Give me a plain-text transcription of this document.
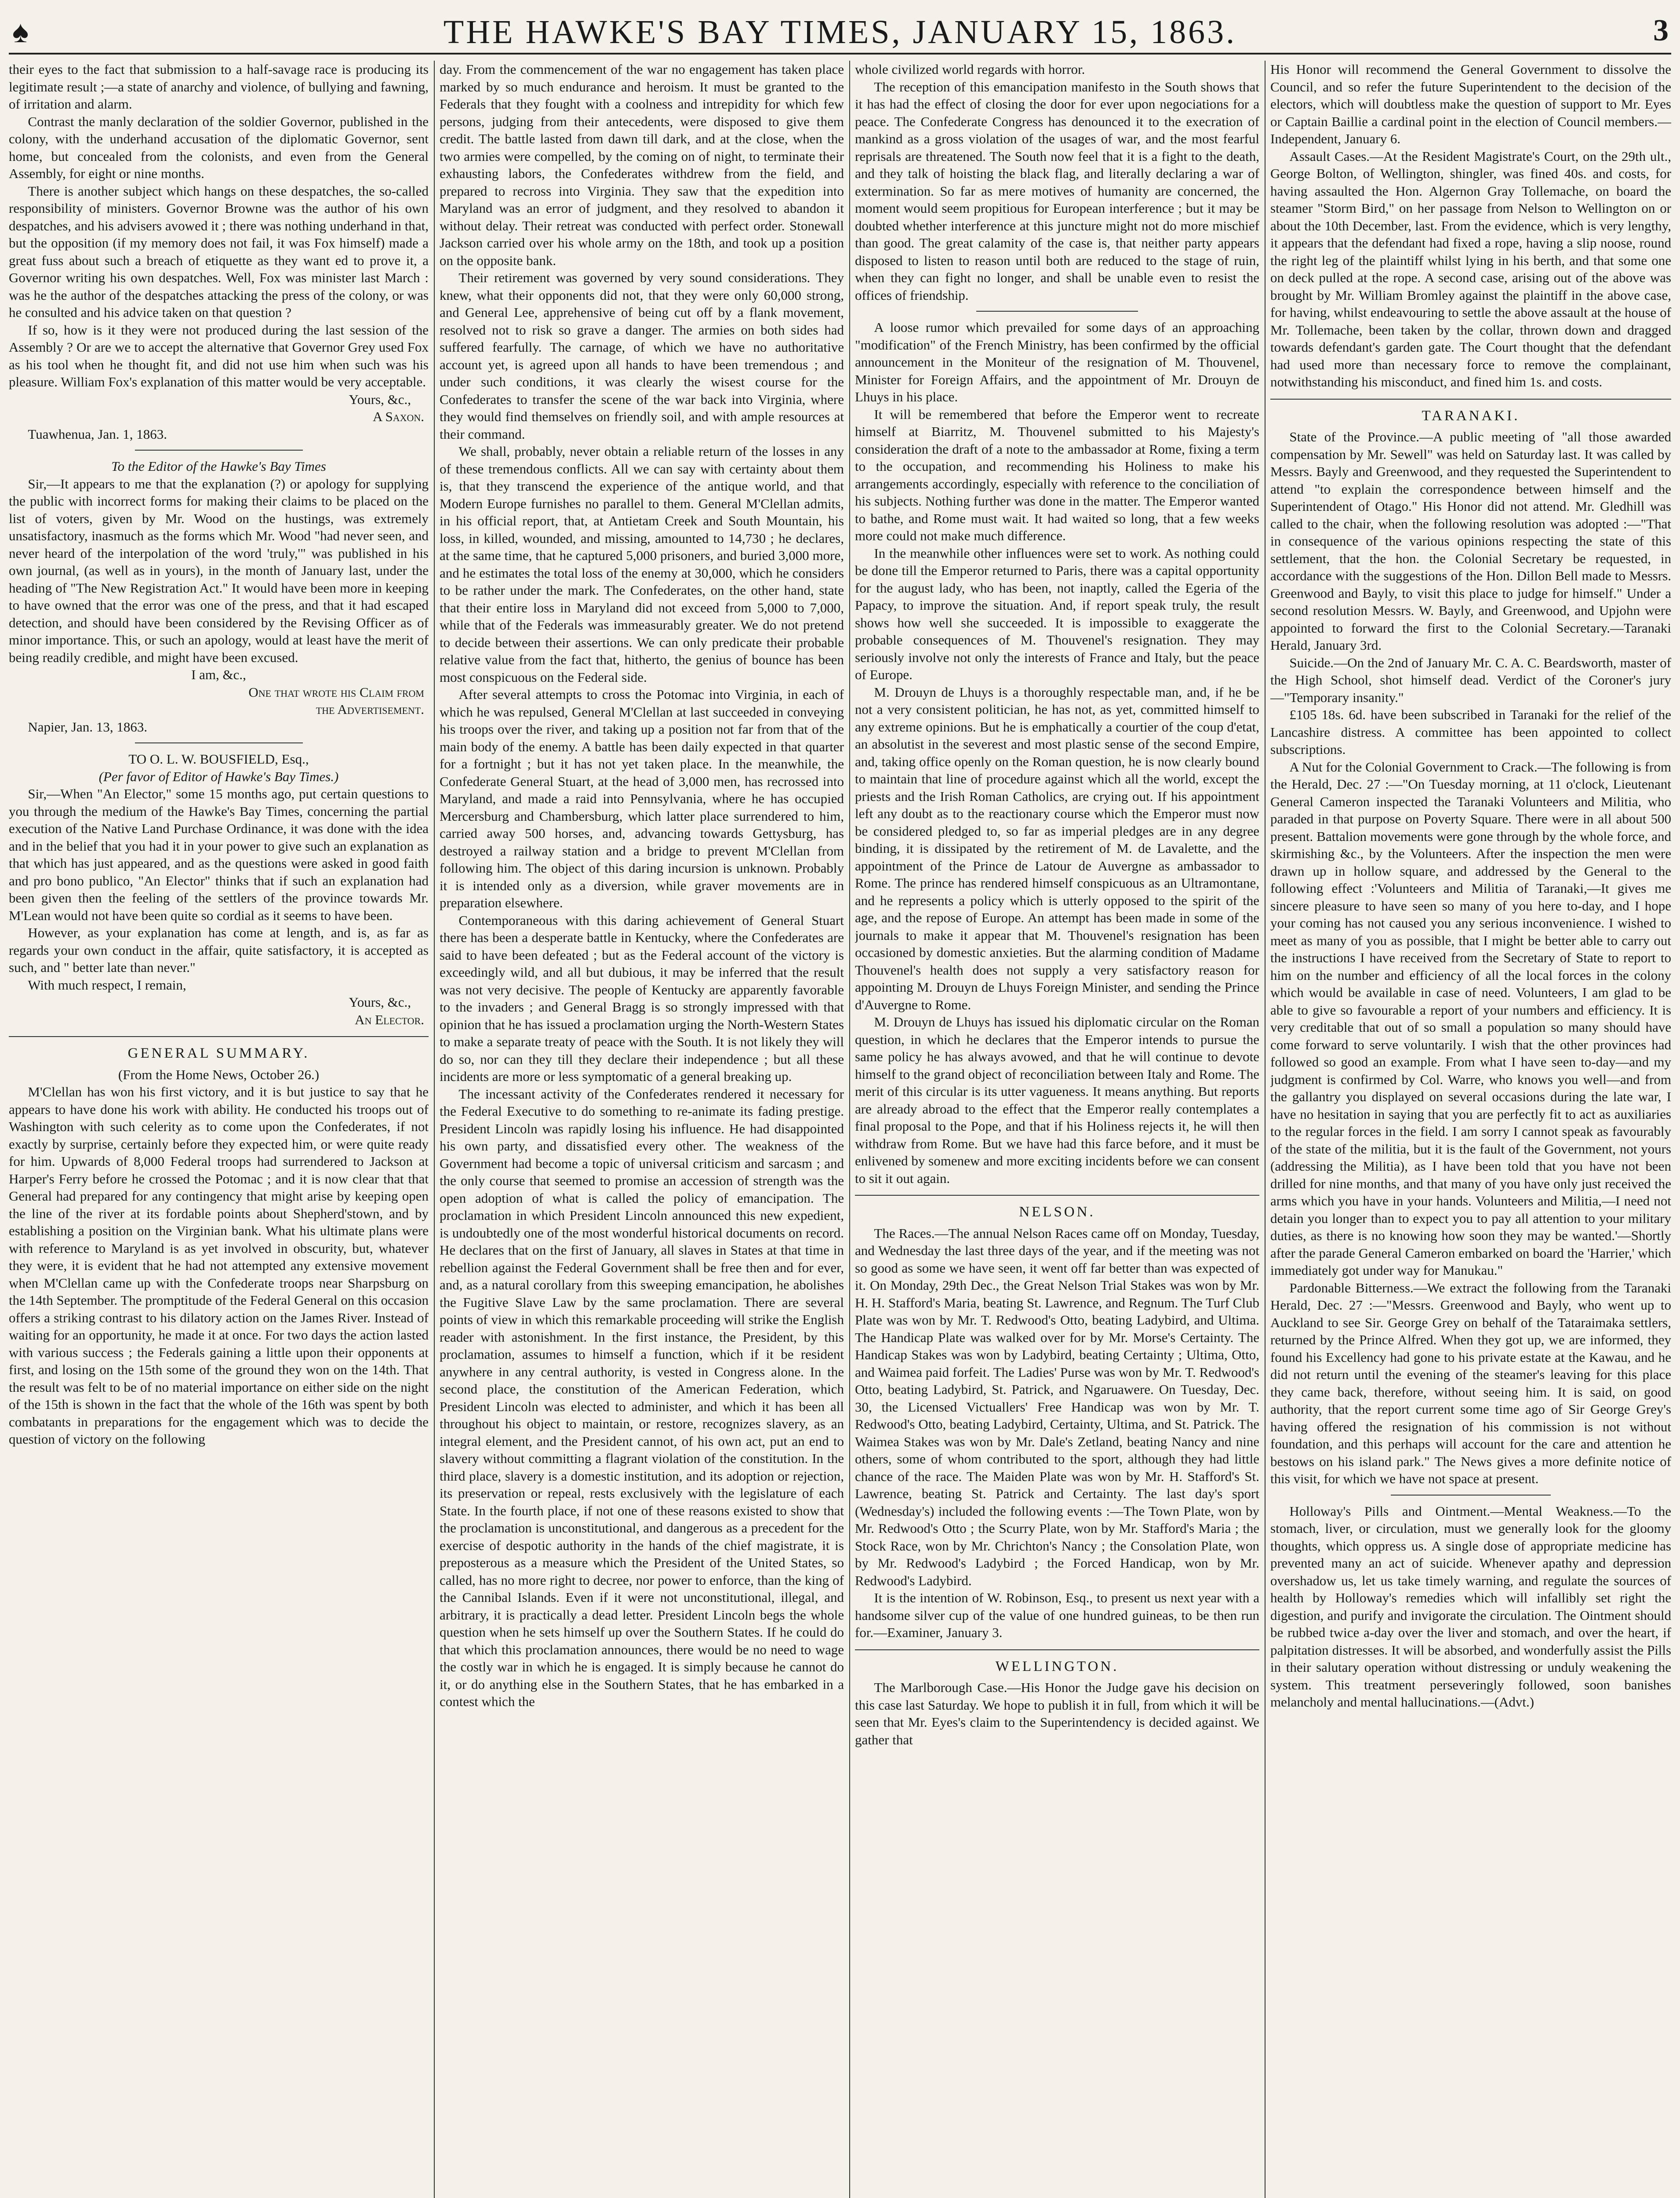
♠	THE HAWKE'S BAY TIMES, JANUARY 15, 1863.	3

their eyes to the fact that submission to a half-savage race is producing its legitimate result ;—a state of anarchy and violence, of bullying and fawning, of irritation and alarm.

Contrast the manly declaration of the soldier Governor, published in the colony, with the underhand accusation of the diplomatic Governor, sent home, but concealed from the colonists, and even from the General Assembly, for eight or nine months.

There is another subject which hangs on these despatches, the so-called responsibility of ministers. Governor Browne was the author of his own despatches, and his advisers avowed it ; there was nothing underhand in that, but the opposition (if my memory does not fail, it was Fox himself) made a great fuss about such a breach of etiquette as they want ed to prove it, a Governor writing his own despatches. Well, Fox was minister last March : was he the author of the despatches attacking the press of the colony, or was he consulted and his advice taken on that question ?

If so, how is it they were not produced during the last session of the Assembly ? Or are we to accept the alternative that Governor Grey used Fox as his tool when he thought fit, and did not use him when such was his pleasure. William Fox's explanation of this matter would be very acceptable.

Yours, &c.,

A Saxon.

Tuawhenua, Jan. 1, 1863.

To the Editor of the Hawke's Bay Times

Sir,—It appears to me that the explanation (?) or apology for supplying the public with incorrect forms for making their claims to be placed on the list of voters, given by Mr. Wood on the hustings, was extremely unsatisfactory, inasmuch as the forms which Mr. Wood "had never seen, and never heard of the interpolation of the word 'truly,'" was published in his own journal, (as well as in yours), in the month of January last, under the heading of "The New Registration Act." It would have been more in keeping to have owned that the error was one of the press, and that it had escaped detection, and should have been considered by the Revising Officer as of minor importance. This, or such an apology, would at least have the merit of being readily credible, and might have been excused.

I am, &c.,

One that wrote his Claim from

the Advertisement.

Napier, Jan. 13, 1863.

TO O. L. W. BOUSFIELD, Esq.,

(Per favor of Editor of Hawke's Bay Times.)

Sir,—When "An Elector," some 15 months ago, put certain questions to you through the medium of the Hawke's Bay Times, concerning the partial execution of the Native Land Purchase Ordinance, it was done with the idea and in the belief that you had it in your power to give such an explanation as that which has just appeared, and as the questions were asked in good faith and pro bono publico, "An Elector" thinks that if such an explanation had been given then the feeling of the settlers of the province towards Mr. M'Lean would not have been quite so cordial as it seems to have been.

However, as your explanation has come at length, and is, as far as regards your own conduct in the affair, quite satisfactory, it is accepted as such, and " better late than never."

With much respect, I remain,

Yours, &c.,

An Elector.

GENERAL SUMMARY.

(From the Home News, October 26.)

M'Clellan has won his first victory, and it is but justice to say that he appears to have done his work with ability. He conducted his troops out of Washington with such celerity as to come upon the Confederates, if not exactly by surprise, certainly before they expected him, or were quite ready for him. Upwards of 8,000 Federal troops had surrendered to Jackson at Harper's Ferry before he crossed the Potomac ; and it is now clear that that General had prepared for any contingency that might arise by keeping open the line of the river at its fordable points about Shepherd'stown, and by establishing a position on the Virginian bank. What his ultimate plans were with reference to Maryland is as yet involved in obscurity, but, whatever they were, it is evident that he had not attempted any extensive movement when M'Clellan came up with the Confederate troops near Sharpsburg on the 14th September. The promptitude of the Federal General on this occasion offers a striking contrast to his dilatory action on the James River. Instead of waiting for an opportunity, he made it at once. For two days the action lasted with various success ; the Federals gaining a little upon their opponents at first, and losing on the 15th some of the ground they won on the 14th. That the result was felt to be of no material importance on either side on the night of the 15th is shown in the fact that the whole of the 16th was spent by both combatants in preparations for the engagement which was to decide the question of victory on the following

day. From the commencement of the war no engagement has taken place marked by so much endurance and heroism. It must be granted to the Federals that they fought with a coolness and intrepidity for which few persons, judging from their antecedents, were disposed to give them credit. The battle lasted from dawn till dark, and at the close, when the two armies were compelled, by the coming on of night, to terminate their exhausting labors, the Confederates withdrew from the field, and prepared to recross into Virginia. They saw that the expedition into Maryland was an error of judgment, and they resolved to abandon it without delay. Their retreat was conducted with perfect order. Stonewall Jackson carried over his whole army on the 18th, and took up a position on the opposite bank.

Their retirement was governed by very sound considerations. They knew, what their opponents did not, that they were only 60,000 strong, and General Lee, apprehensive of being cut off by a flank movement, resolved not to risk so grave a danger. The armies on both sides had suffered fearfully. The carnage, of which we have no authoritative account yet, is agreed upon all hands to have been tremendous ; and under such conditions, it was clearly the wisest course for the Confederates to transfer the scene of the war back into Virginia, where they would find themselves on friendly soil, and with ample resources at their command.

We shall, probably, never obtain a reliable return of the losses in any of these tremendous conflicts. All we can say with certainty about them is, that they transcend the experience of the antique world, and that Modern Europe furnishes no parallel to them. General M'Clellan admits, in his official report, that, at Antietam Creek and South Mountain, his loss, in killed, wounded, and missing, amounted to 14,730 ; he declares, at the same time, that he captured 5,000 prisoners, and buried 3,000 more, and he estimates the total loss of the enemy at 30,000, which he considers to be rather under the mark. The Confederates, on the other hand, state that their entire loss in Maryland did not exceed from 5,000 to 7,000, while that of the Federals was immeasurably greater. We do not pretend to decide between their assertions. We can only predicate their probable relative value from the fact that, hitherto, the genius of bounce has been most conspicuous on the Federal side.

After several attempts to cross the Potomac into Virginia, in each of which he was repulsed, General M'Clellan at last succeeded in conveying his troops over the river, and taking up a position not far from that of the main body of the enemy. A battle has been daily expected in that quarter for a fortnight ; but it has not yet taken place. In the meanwhile, the Confederate General Stuart, at the head of 3,000 men, has recrossed into Maryland, and made a raid into Pennsylvania, where he has occupied Mercersburg and Chambersburg, which latter place surrendered to him, carried away 500 horses, and, advancing towards Gettysburg, has destroyed a railway station and a bridge to prevent M'Clellan from following him. The object of this daring incursion is unknown. Probably it is intended only as a diversion, while graver movements are in preparation elsewhere.

Contemporaneous with this daring achievement of General Stuart there has been a desperate battle in Kentucky, where the Confederates are said to have been defeated ; but as the Federal account of the victory is exceedingly wild, and all but dubious, it may be inferred that the result was not very decisive. The people of Kentucky are apparently favorable to the invaders ; and General Bragg is so strongly impressed with that opinion that he has issued a proclamation urging the North-Western States to make a separate treaty of peace with the South. It is not likely they will do so, nor can they till they declare their independence ; but all these incidents are more or less symptomatic of a general breaking up.

The incessant activity of the Confederates rendered it necessary for the Federal Executive to do something to re-animate its fading prestige. President Lincoln was rapidly losing his influence. He had disappointed his own party, and dissatisfied every other. The weakness of the Government had become a topic of universal criticism and sarcasm ; and the only course that seemed to promise an accession of strength was the open adoption of what is called the policy of emancipation. The proclamation in which President Lincoln announced this new expedient, is undoubtedly one of the most wonderful historical documents on record. He declares that on the first of January, all slaves in States at that time in rebellion against the Federal Government shall be free then and for ever, and, as a natural corollary from this sweeping emancipation, he abolishes the Fugitive Slave Law by the same proclamation. There are several points of view in which this remarkable proceeding will strike the English reader with astonishment. In the first instance, the President, by this proclamation, assumes to himself a function, which if it be resident anywhere in any central authority, is vested in Congress alone. In the second place, the constitution of the American Federation, which President Lincoln was elected to administer, and which it has been all throughout his object to maintain, or restore, recognizes slavery, as an integral element, and the President cannot, of his own act, put an end to slavery without committing a flagrant violation of the constitution. In the third place, slavery is a domestic institution, and its adoption or rejection, its preservation or repeal, rests exclusively with the legislature of each State. In the fourth place, if not one of these reasons existed to show that the proclamation is unconstitutional, and dangerous as a precedent for the exercise of despotic authority in the hands of the chief magistrate, it is preposterous as a measure which the President of the United States, so called, has no more right to decree, nor power to enforce, than the king of the Cannibal Islands. Even if it were not unconstitutional, illegal, and arbitrary, it is practically a dead letter. President Lincoln begs the whole question when he sets himself up over the Southern States. If he could do that which this proclamation announces, there would be no need to wage the costly war in which he is engaged. It is simply because he cannot do it, or do anything else in the Southern States, that he has embarked in a contest which the

whole civilized world regards with horror.

The reception of this emancipation manifesto in the South shows that it has had the effect of closing the door for ever upon negociations for a peace. The Confederate Congress has denounced it to the execration of mankind as a gross violation of the usages of war, and the most fearful reprisals are threatened. The South now feel that it is a fight to the death, and they talk of hoisting the black flag, and literally declaring a war of extermination. So far as mere motives of humanity are concerned, the moment would seem propitious for European interference ; but it may be doubted whether interference at this juncture might not do more mischief than good. The great calamity of the case is, that neither party appears disposed to listen to reason until both are reduced to the stage of ruin, when they can fight no longer, and shall be unable even to resist the offices of friendship.

A loose rumor which prevailed for some days of an approaching "modification" of the French Ministry, has been confirmed by the official announcement in the Moniteur of the resignation of M. Thouvenel, Minister for Foreign Affairs, and the appointment of Mr. Drouyn de Lhuys in his place.

It will be remembered that before the Emperor went to recreate himself at Biarritz, M. Thouvenel submitted to his Majesty's consideration the draft of a note to the ambassador at Rome, fixing a term to the occupation, and recommending his Holiness to make his arrangements accordingly, especially with reference to the conciliation of his subjects. Nothing further was done in the matter. The Emperor wanted to bathe, and Rome must wait. It had waited so long, that a few weeks more could not make much difference.

In the meanwhile other influences were set to work. As nothing could be done till the Emperor returned to Paris, there was a capital opportunity for the august lady, who has been, not inaptly, called the Egeria of the Papacy, to improve the situation. And, if report speak truly, the result shows how well she succeeded. It is impossible to exaggerate the probable consequences of M. Thouvenel's resignation. They may seriously involve not only the interests of France and Italy, but the peace of Europe.

M. Drouyn de Lhuys is a thoroughly respectable man, and, if he be not a very consistent politician, he has not, as yet, committed himself to any extreme opinions. But he is emphatically a courtier of the coup d'etat, an absolutist in the severest and most plastic sense of the second Empire, and, taking office openly on the Roman question, he is now clearly bound to maintain that line of procedure against which all the world, except the priests and the Irish Roman Catholics, are crying out. If his appointment left any doubt as to the reactionary course which the Emperor must now be considered pledged to, so far as imperial pledges are in any degree binding, it is dissipated by the retirement of M. de Lavalette, and the appointment of the Prince de Latour de Auvergne as ambassador to Rome. The prince has rendered himself conspicuous as an Ultramontane, and he represents a policy which is utterly opposed to the spirit of the age, and the repose of Europe. An attempt has been made in some of the journals to make it appear that M. Thouvenel's resignation has been occasioned by domestic anxieties. But the alarming condition of Madame Thouvenel's health does not supply a very satisfactory reason for appointing M. Drouyn de Lhuys Foreign Minister, and sending the Prince d'Auvergne to Rome.

M. Drouyn de Lhuys has issued his diplomatic circular on the Roman question, in which he declares that the Emperor intends to pursue the same policy he has always avowed, and that he will continue to devote himself to the grand object of reconciliation between Italy and Rome. The merit of this circular is its utter vagueness. It means anything. But reports are already abroad to the effect that the Emperor really contemplates a final proposal to the Pope, and that if his Holiness rejects it, he will then withdraw from Rome. But we have had this farce before, and it must be enlivened by somenew and more exciting incidents before we can consent to sit it out again.

NELSON.

The Races.—The annual Nelson Races came off on Monday, Tuesday, and Wednesday the last three days of the year, and if the meeting was not so good as some we have seen, it went off far better than was expected of it. On Monday, 29th Dec., the Great Nelson Trial Stakes was won by Mr. H. H. Stafford's Maria, beating St. Lawrence, and Regnum. The Turf Club Plate was won by Mr. T. Redwood's Otto, beating Ladybird, and Ultima. The Handicap Plate was walked over for by Mr. Morse's Certainty. The Handicap Stakes was won by Ladybird, beating Certainty ; Ultima, Otto, and Waimea paid forfeit. The Ladies' Purse was won by Mr. T. Redwood's Otto, beating Ladybird, St. Patrick, and Ngaruawere. On Tuesday, Dec. 30, the Licensed Victuallers' Free Handicap was won by Mr. T. Redwood's Otto, beating Ladybird, Certainty, Ultima, and St. Patrick. The Waimea Stakes was won by Mr. Dale's Zetland, beating Nancy and nine others, some of whom contributed to the sport, although they had little chance of the race. The Maiden Plate was won by Mr. H. Stafford's St. Lawrence, beating St. Patrick and Certainty. The last day's sport (Wednesday's) included the following events :—The Town Plate, won by Mr. Redwood's Otto ; the Scurry Plate, won by Mr. Stafford's Maria ; the Stock Race, won by Mr. Chrichton's Nancy ; the Consolation Plate, won by Mr. Redwood's Ladybird ; the Forced Handicap, won by Mr. Redwood's Ladybird.

It is the intention of W. Robinson, Esq., to present us next year with a handsome silver cup of the value of one hundred guineas, to be then run for.—Examiner, January 3.

WELLINGTON.

The Marlborough Case.—His Honor the Judge gave his decision on this case last Saturday. We hope to publish it in full, from which it will be seen that Mr. Eyes's claim to the Superintendency is decided against. We gather that

His Honor will recommend the General Government to dissolve the Council, and so refer the future Superintendent to the decision of the electors, which will doubtless make the question of support to Mr. Eyes or Captain Baillie a cardinal point in the election of Council members.—Independent, January 6.

Assault Cases.—At the Resident Magistrate's Court, on the 29th ult., George Bolton, of Wellington, shingler, was fined 40s. and costs, for having assaulted the Hon. Algernon Gray Tollemache, on board the steamer "Storm Bird," on her passage from Nelson to Wellington on or about the 10th December, last. From the evidence, which is very lengthy, it appears that the defendant had fixed a rope, having a slip noose, round the right leg of the plaintiff whilst lying in his berth, and that some one on deck pulled at the rope. A second case, arising out of the above was brought by Mr. William Bromley against the plaintiff in the above case, for having, whilst endeavouring to settle the above assault at the house of Mr. Tollemache, been taken by the collar, thrown down and dragged towards defendant's garden gate. The Court thought that the defendant had used more than necessary force to remove the complainant, notwithstanding his misconduct, and fined him 1s. and costs.

TARANAKI.

State of the Province.—A public meeting of "all those awarded compensation by Mr. Sewell" was held on Saturday last. It was called by Messrs. Bayly and Greenwood, and they requested the Superintendent to attend "to explain the correspondence between himself and the Superintendent of Otago." His Honor did not attend. Mr. Gledhill was called to the chair, when the following resolution was adopted :—"That in consequence of the various opinions respecting the state of this settlement, that the hon. the Colonial Secretary be requested, in accordance with the suggestions of the Hon. Dillon Bell made to Messrs. Greenwood and Bayly, to visit this place to judge for himself." Under a second resolution Messrs. W. Bayly, and Greenwood, and Upjohn were appointed to forward the first to the Colonial Secretary.—Taranaki Herald, January 3rd.

Suicide.—On the 2nd of January Mr. C. A. C. Beardsworth, master of the High School, shot himself dead. Verdict of the Coroner's jury—"Temporary insanity."

£105 18s. 6d. have been subscribed in Taranaki for the relief of the Lancashire distress. A committee has been appointed to collect subscriptions.

A Nut for the Colonial Government to Crack.—The following is from the Herald, Dec. 27 :—"On Tuesday morning, at 11 o'clock, Lieutenant General Cameron inspected the Taranaki Volunteers and Militia, who paraded in that purpose on Poverty Square. There were in all about 500 present. Battalion movements were gone through by the whole force, and skirmishing &c., by the Volunteers. After the inspection the men were drawn up in hollow square, and addressed by the General to the following effect :'Volunteers and Militia of Taranaki,—It gives me sincere pleasure to have seen so many of you here to-day, and I hope your coming has not caused you any serious inconvenience. I wished to meet as many of you as possible, that I might be better able to carry out the instructions I have received from the Secretary of State to report to him on the number and efficiency of all the local forces in the colony which would be available in case of need. Volunteers, I am glad to be able to give so favourable a report of your numbers and efficiency. It is very creditable that out of so small a population so many should have come forward to serve voluntarily. I wish that the other provinces had followed so good an example. From what I have seen to-day—and my judgment is confirmed by Col. Warre, who knows you well—and from the gallantry you displayed on several occasions during the late war, I have no hesitation in saying that you are perfectly fit to act as auxiliaries to the regular forces in the field. I am sorry I cannot speak as favourably of the state of the militia, but it is the fault of the Government, not yours (addressing the Militia), as I have been told that you have not been drilled for nine months, and that many of you have only just received the arms which you have in your hands. Volunteers and Militia,—I need not detain you longer than to expect you to pay all attention to your military duties, as there is no knowing how soon they may be wanted.'—Shortly after the parade General Cameron embarked on board the 'Harrier,' which immediately got under way for Manukau."

Pardonable Bitterness.—We extract the following from the Taranaki Herald, Dec. 27 :—"Messrs. Greenwood and Bayly, who went up to Auckland to see Sir. George Grey on behalf of the Tataraimaka settlers, returned by the Prince Alfred. When they got up, we are informed, they found his Excellency had gone to his private estate at the Kawau, and he did not return until the evening of the steamer's leaving for this place they came back, therefore, without seeing him. It is said, on good authority, that the report current some time ago of Sir George Grey's having offered the resignation of his commission is not without foundation, and this perhaps will account for the care and attention he bestows on his island park." The News gives a more definite notice of this visit, for which we have not space at present.

Holloway's Pills and Ointment.—Mental Weakness.—To the stomach, liver, or circulation, must we generally look for the gloomy thoughts, which oppress us. A single dose of appropriate medicine has prevented many an act of suicide. Whenever apathy and depression overshadow us, let us take timely warning, and regulate the sources of health by Holloway's remedies which will infallibly set right the digestion, and purify and invigorate the circulation. The Ointment should be rubbed twice a-day over the liver and stomach, and over the heart, if palpitation distresses. It will be absorbed, and wonderfully assist the Pills in their salutary operation without distressing or unduly weakening the system. This treatment perseveringly followed, soon banishes melancholy and mental hallucinations.—(Advt.)
